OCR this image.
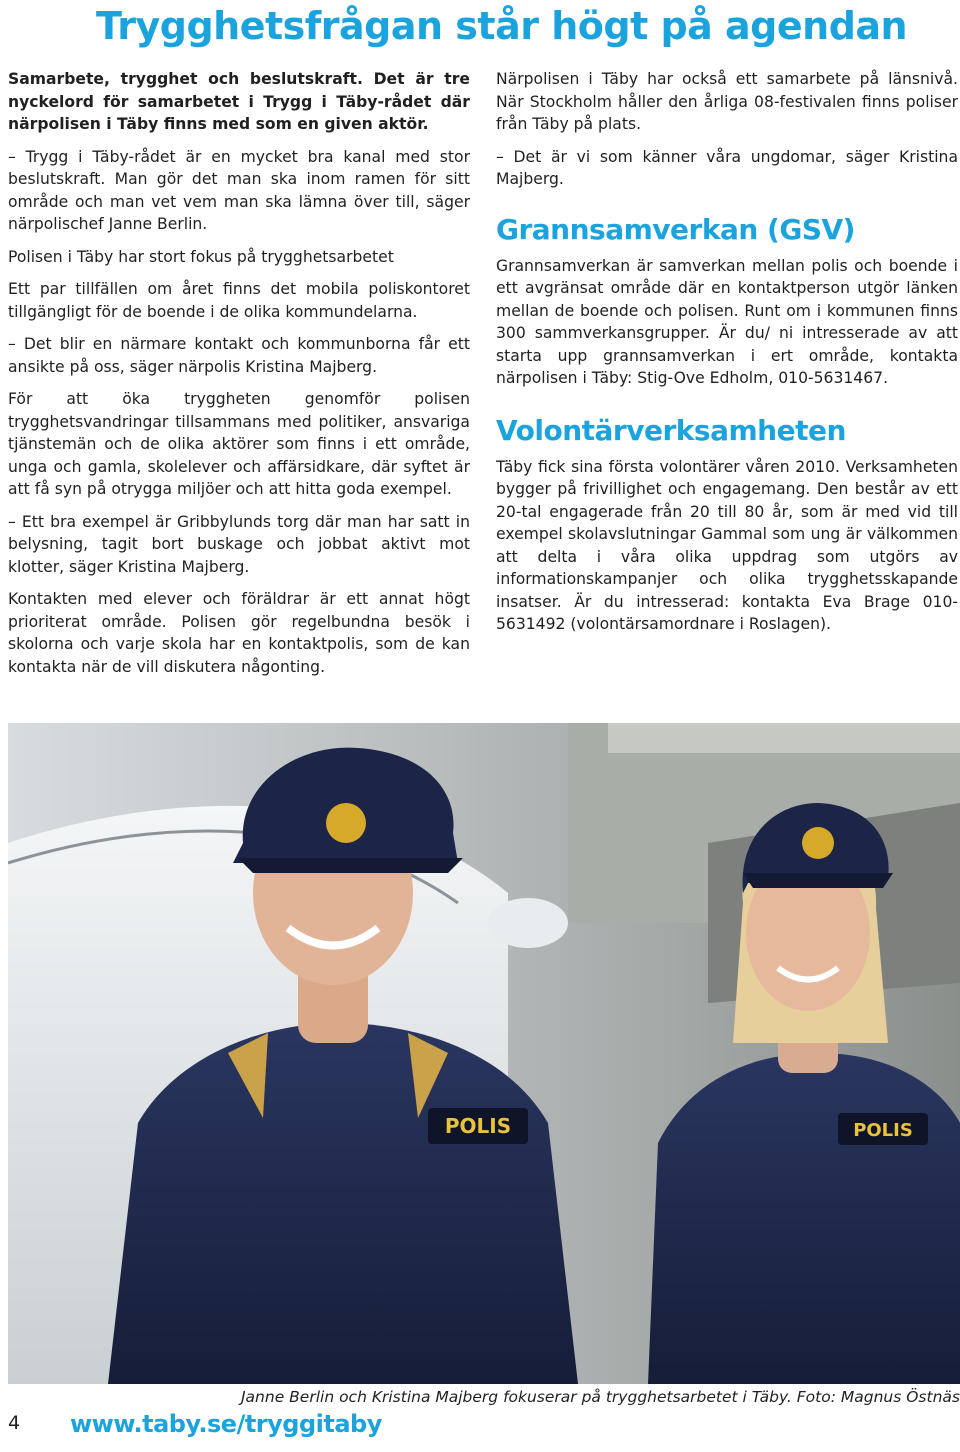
Trygghetsfrågan står högt på agendan

Samarbete, trygghet och beslutskraft. Det är tre nyckelord för samarbetet i Trygg i Täby-rådet där närpolisen i Täby finns med som en given aktör.

– Trygg i Täby-rådet är en mycket bra kanal med stor beslutskraft. Man gör det man ska inom ramen för sitt område och man vet vem man ska lämna över till, säger närpolischef Janne Berlin.

Polisen i Täby har stort fokus på trygghetsarbetet

Ett par tillfällen om året finns det mobila poliskontoret tillgängligt för de boende i de olika kommundelarna.

– Det blir en närmare kontakt och kommunborna får ett ansikte på oss, säger närpolis Kristina Majberg.

För att öka tryggheten genomför polisen trygghetsvandringar tillsammans med politiker, ansvariga tjänstemän och de olika aktörer som finns i ett område, unga och gamla, skolelever och affärsidkare, där syftet är att få syn på otrygga miljöer och att hitta goda exempel.

– Ett bra exempel är Gribbylunds torg där man har satt in belysning, tagit bort buskage och jobbat aktivt mot klotter, säger Kristina Majberg.

Kontakten med elever och föräldrar är ett annat högt prioriterat område. Polisen gör regelbundna besök i skolorna och varje skola har en kontaktpolis, som de kan kontakta när de vill diskutera någonting.

Närpolisen i Täby har också ett samarbete på länsnivå. När Stockholm håller den årliga 08-festivalen finns poliser från Täby på plats.

– Det är vi som känner våra ungdomar, säger Kristina Majberg.

Grannsamverkan (GSV)

Grannsamverkan är samverkan mellan polis och boende i ett avgränsat område där en kontaktperson utgör länken mellan de boende och polisen. Runt om i kommunen finns 300 sammverkansgrupper. Är du/ ni intresserade av att starta upp grannsamverkan i ert område, kontakta närpolisen i Täby: Stig-Ove Edholm, 010-5631467.

Volontärverksamheten

Täby fick sina första volontärer våren 2010. Verksamheten bygger på frivillighet och engagemang. Den består av ett 20-tal engagerade från 20 till 80 år, som är med vid till exempel skolavslutningar Gammal som ung är välkommen att delta i våra olika uppdrag som utgörs av informationskampanjer och olika trygghetsskapande insatser. Är du intresserad: kontakta Eva Brage 010-5631492 (volontärsamordnare i Roslagen).

POLIS	POLIS
Janne Berlin och Kristina Majberg fokuserar på trygghetsarbetet i Täby. Foto: Magnus Östnäs
4 www.taby.se/tryggitaby
